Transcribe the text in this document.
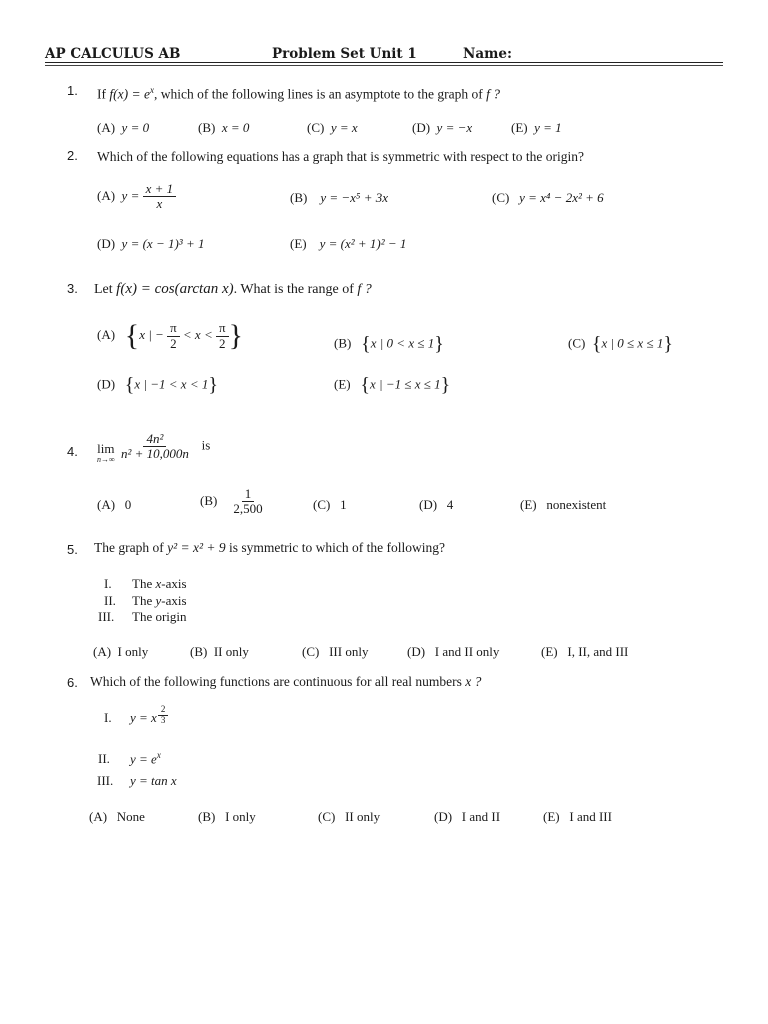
AP CALCULUS AB	Problem Set Unit 1	Name:
1. If $f(x) = e^x$, which of the following lines is an asymptote to the graph of f ?
(A) y = 0	(B) x = 0	(C) y = x	(D) y = −x	(E) y = 1
2. Which of the following equations has a graph that is symmetric with respect to the origin?
(A) $y = \frac{x + 1}{x}$	(B) y = −x⁵ + 3x	(C) y = x⁴ − 2x² + 6
(D) y = (x − 1)³ + 1	(E) y = (x² + 1)² − 1
3. Let f(x) = cos(arctan x). What is the range of f ?
(A) {x | − $\frac{\pi}{2} < x < \frac{\pi}{2}$ }	(B) {x | 0 < x ≤ 1}	(C) {x | 0 ≤ x ≤ 1}
(D) {x | −1 < x < 1}	(E) {x | −1 ≤ x ≤ 1}
4. lim
n→∞
$\frac{\text{4n²}}{\text{n² + 10,000n}}$ is
(A) 0	$(B) \frac{1}{2,500}$	(C) 1	(D) 4	(E) nonexistent
5. The graph of y² = x² + 9 is symmetric to which of the following?
I. The x-axis
II. The y-axis
III. The origin
(A) I only	(B) II only	(C) III only	(D) I and II only	(E) I, II, and III
6. Which of the following functions are continuous for all real numbers x ?
I. y = x $\frac{2}{3}$
II. $y = e^x$
III. y = tan x
(A) None	(B) I only	(C) II only	(D) I and II	(E) I and III
